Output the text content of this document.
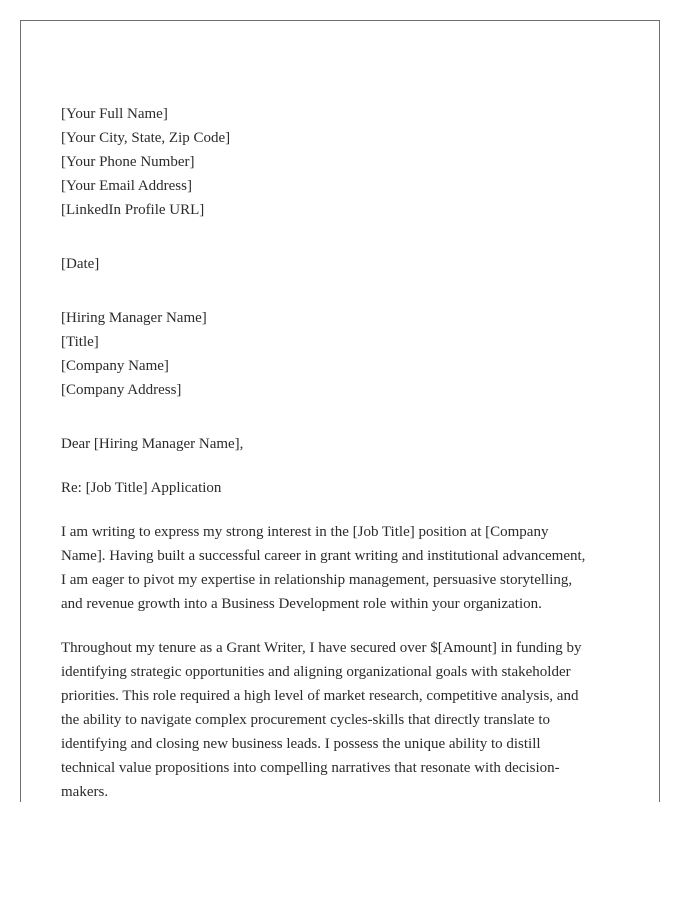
[Your Full Name]
[Your City, State, Zip Code]
[Your Phone Number]
[Your Email Address]
[LinkedIn Profile URL]
[Date]
[Hiring Manager Name]
[Title]
[Company Name]
[Company Address]
Dear [Hiring Manager Name],
Re: [Job Title] Application
I am writing to express my strong interest in the [Job Title] position at [Company
Name]. Having built a successful career in grant writing and institutional advancement,
I am eager to pivot my expertise in relationship management, persuasive storytelling,
and revenue growth into a Business Development role within your organization.
Throughout my tenure as a Grant Writer, I have secured over $[Amount] in funding by
identifying strategic opportunities and aligning organizational goals with stakeholder
priorities. This role required a high level of market research, competitive analysis, and
the ability to navigate complex procurement cycles-skills that directly translate to
identifying and closing new business leads. I possess the unique ability to distill
technical value propositions into compelling narratives that resonate with decision-
makers.
